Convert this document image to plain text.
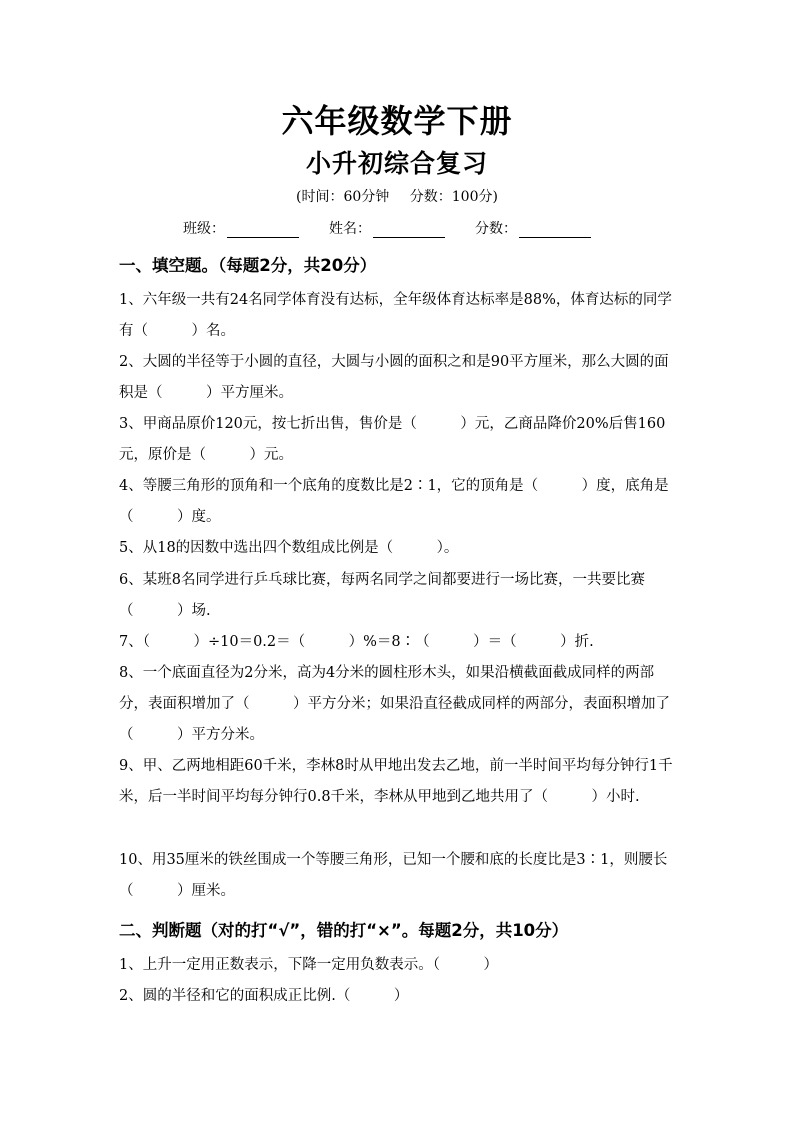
六年级数学下册
小升初综合复习
(时间：60分钟 分数：100分)
班级：	姓名：	分数：
一、填空题。（每题2分，共20分）
1、六年级一共有24名同学体育没有达标，全年级体育达标率是88%，体育达标的同学有（　　　）名。
2、大圆的半径等于小圆的直径，大圆与小圆的面积之和是90平方厘米，那么大圆的面积是（　　　）平方厘米。
3、甲商品原价120元，按七折出售，售价是（　　　）元，乙商品降价20%后售160元，原价是（　　　）元。
4、等腰三角形的顶角和一个底角的度数比是2∶1，它的顶角是（　　　）度，底角是（　　　）度。
5、从18的因数中选出四个数组成比例是（　　　）。
6、某班8名同学进行乒乓球比赛，每两名同学之间都要进行一场比赛，一共要比赛（　　　）场.
7、（　　　）÷10＝0.2＝（　　　）%＝8∶（　　　）＝（　　　）折.
8、一个底面直径为2分米，高为4分米的圆柱形木头，如果沿横截面截成同样的两部分，表面积增加了（　　　）平方分米；如果沿直径截成同样的两部分，表面积增加了（　　　）平方分米。
9、甲、乙两地相距60千米，李林8时从甲地出发去乙地，前一半时间平均每分钟行1千米，后一半时间平均每分钟行0.8千米，李林从甲地到乙地共用了（　　　）小时.
10、用35厘米的铁丝围成一个等腰三角形，已知一个腰和底的长度比是3∶1，则腰长（　　　）厘米。
二、判断题（对的打“√”，错的打“×”。每题2分，共10分）
1、上升一定用正数表示，下降一定用负数表示。（　　　）
2、圆的半径和它的面积成正比例.（　　　）
